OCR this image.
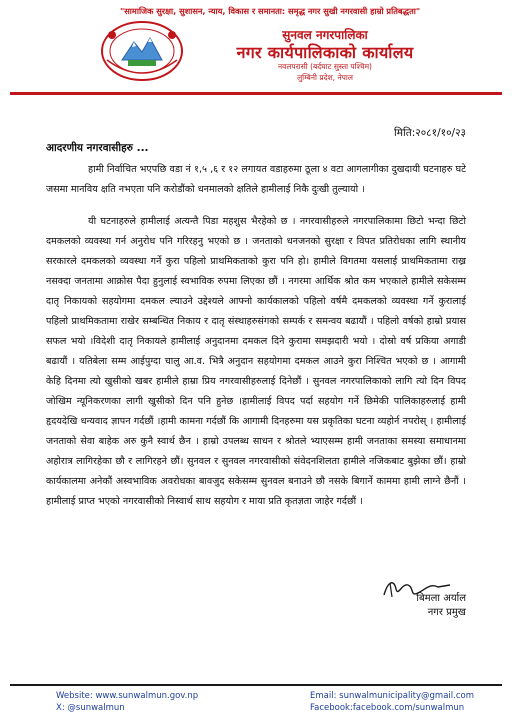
"सामाजिक सुरक्षा, सुशासन, न्याय, विकास र समानता: समृद्ध नगर सुखी नगरवासी हाम्रो प्रतिबद्धता"
सुनवल नगरपालिका
नगर कार्यपालिकाको कार्यालय
नवलपरासी (बर्दघाट सुस्ता पश्चिम)
लुम्बिनी प्रदेश, नेपाल
मिति:२०८१/१०/२३
आदरणीय नगरवासीहरु ...

हामी निर्वाचित भएपछि वडा नं १,५ ,६ र १२ लगायत वडाहरुमा ठूला ४ वटा आगलागीका दुखदायी घटनाहरु घटे जसमा मानविय क्षति नभएता पनि करोडौंको धनमालको क्षतिले हामीलाई निकै दुःखी तुल्यायो ।

यी घटनाहरुले हामीलाई अत्यन्तै पिडा महशुस भैरहेको छ । नगरवासीहरुले नगरपालिकामा छिटो भन्दा छिटो दमकलको व्यवस्था गर्न अनुरोध पनि गरिरहनु भएको छ । जनताको धनजनको सुरक्षा र विपत प्रतिरोधका लागि स्थानीय सरकारले दमकलको व्यवस्था गर्ने कुरा पहिलो प्राथमिकताको कुरा पनि हो। हामीले विगतमा यसलाई प्राथमिकतामा राख्र नसक्दा जनतामा आक्रोस पैदा हुनुलाई स्वभाविक रुपमा लिएका छौं । नगरमा आर्थिक श्रोत कम भएकाले हामीले सकेसम्म दातृ निकायको सहयोगमा दमकल ल्याउने उद्देश्यले आफ्नो कार्यकालको पहिलो वर्षमै दमकलको व्यवस्था गर्ने कुरालाई पहिलो प्राथमिकतामा राखेर सम्बन्धित निकाय र दातृ संस्थाहरुसंगको सम्पर्क र समन्वय बढायौं । पहिलो वर्षको हाम्रो प्रयास सफल भयो ।विदेशी दातृ निकायले हामीलाई अनुदानमा दमकल दिने कुरामा समझदारी भयो । दोस्रो वर्ष प्रकिया अगाडी बढायौं । यतिबेला सम्म आईपुग्दा चालु आ.व. भित्रै अनुदान सहयोगमा दमकल आउने कुरा निश्चित भएको छ । आगामी केहि दिनमा त्यो खुसीको खबर हामीले हाम्रा प्रिय नगरवासीहरुलाई दिनेछौं । सुनवल नगरपालिकाको लागि त्यो दिन विपद जोखिम न्यूनिकरणका लागी खुसीको दिन पनि हुनेछ ।हामीलाई विपद पर्दा सहयोग गर्ने छिमेकी पालिकाहरुलाई हामी हृदयदेखि धन्यवाद ज्ञापन गर्दछौं ।हामी कामना गर्दछौं कि आगामी दिनहरुमा यस प्रकृतिका घटना व्यहोर्न नपरोस् । हामीलाई जनताको सेवा बाहेक अरु कुनै स्वार्थ छैन । हाम्रो उपलब्ध साधन र श्रोतले भ्याएसम्म हामी जनताका समस्या समाधानमा अहोरात्र लागिरहेका छौ र लागिरहने छौं। सुनवल र सुनवल नगरवासीको संवेदनशिलता हामीले नजिकबाट बुझेका छौं। हाम्रो कार्यकालमा अनेकौं अस्वभाविक अवरोधका बावजुद सकेसम्म सुनवल बनाउने छौ नसके बिगार्ने काममा हामी लाग्ने छैनौं । हामीलाई प्राप्त भएको नगरवासीको निस्वार्थ साथ सहयोग र माया प्रति कृतज्ञता जाहेर गर्दछौं ।

बिमला अर्याल
नगर प्रमुख
Website: www.sunwalmun.gov.np
X: @sunwalmun
Email: sunwalmunicipality@gmail.com
Facebook:facebook.com/sunwalmun
